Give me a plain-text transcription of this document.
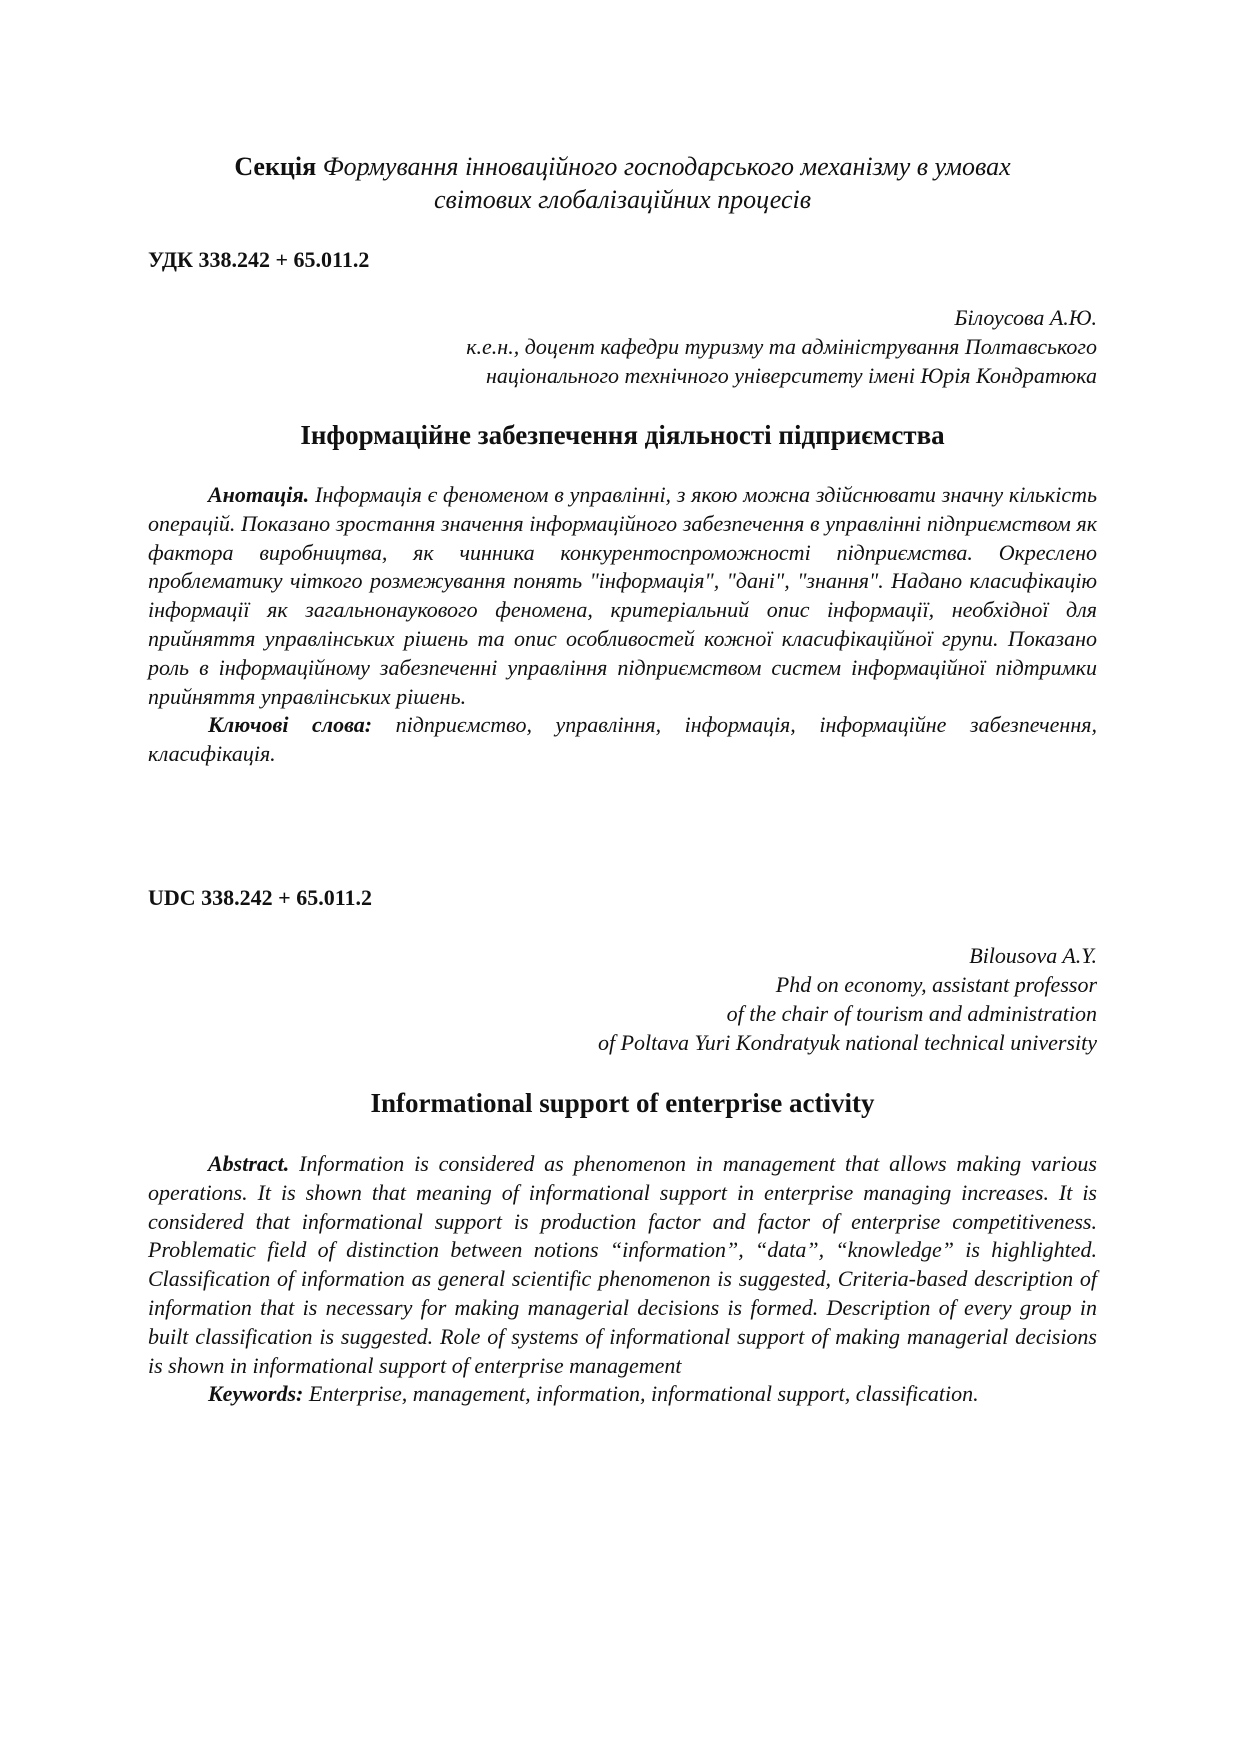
Секція Формування інноваційного господарського механізму в умовах
світових глобалізаційних процесів
УДК 338.242 + 65.011.2
Білоусова А.Ю.
к.е.н., доцент кафедри туризму та адміністрування Полтавського
національного технічного університету імені Юрія Кондратюка
Інформаційне забезпечення діяльності підприємства

Анотація. Інформація є феноменом в управлінні, з якою можна здійснювати значну кількість операцій. Показано зростання значення інформаційного забезпечення в управлінні підприємством як фактора виробництва, як чинника конкурентоспроможності підприємства. Окреслено проблематику чіткого розмежування понять "інформація", "дані", "знання". Надано класифікацію інформації як загальнонаукового феномена, критеріальний опис інформації, необхідної для прийняття управлінських рішень та опис особливостей кожної класифікаційної групи. Показано роль в інформаційному забезпеченні управління підприємством систем інформаційної підтримки прийняття управлінських рішень.

Ключові слова: підприємство, управління, інформація, інформаційне забезпечення, класифікація.

UDC 338.242 + 65.011.2
Bilousova A.Y.
Phd on economy, assistant professor
of the chair of tourism and administration
of Poltava Yuri Kondratyuk national technical university
Informational support of enterprise activity

Abstract. Information is considered as phenomenon in management that allows making various operations. It is shown that meaning of informational support in enterprise managing increases. It is considered that informational support is production factor and factor of enterprise competitiveness. Problematic field of distinction between notions “information”, “data”, “knowledge” is highlighted. Classification of information as general scientific phenomenon is suggested, Criteria-based description of information that is necessary for making managerial decisions is formed. Description of every group in built classification is suggested. Role of systems of informational support of making managerial decisions is shown in informational support of enterprise management

Keywords: Enterprise, management, information, informational support, classification.
